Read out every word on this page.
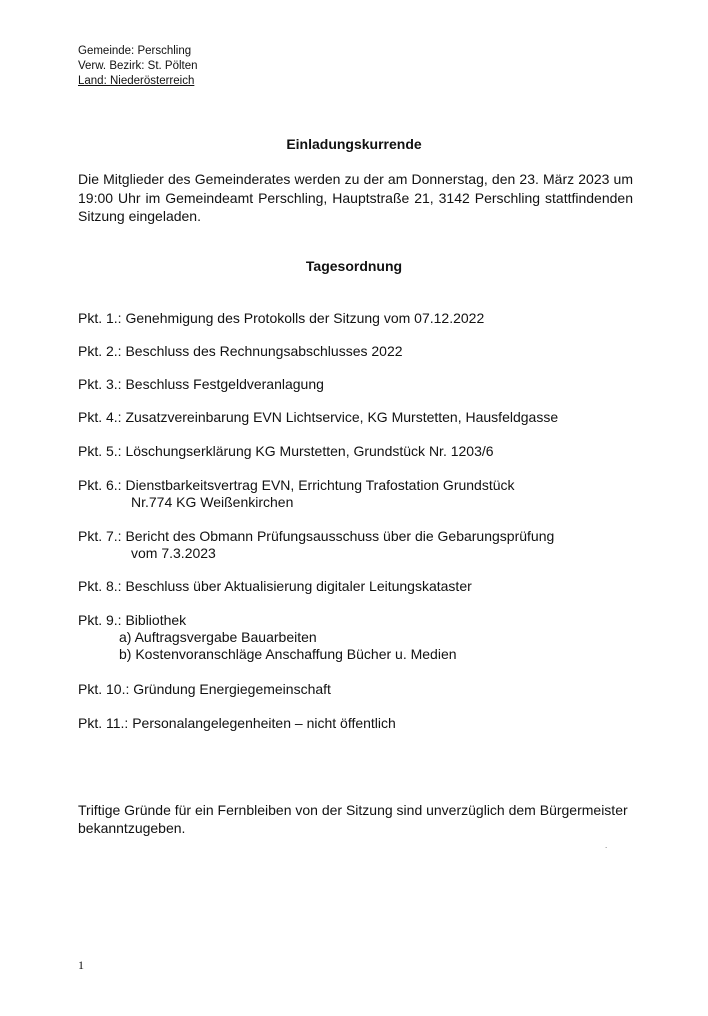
Gemeinde: Perschling
Verw. Bezirk: St. Pölten
Land: Niederösterreich
Einladungskurrende
Die Mitglieder des Gemeinderates werden zu der am Donnerstag, den 23. März 2023 um 19:00 Uhr im Gemeindeamt Perschling, Hauptstraße 21, 3142 Perschling stattfindenden Sitzung eingeladen.
Tagesordnung
Pkt. 1.: Genehmigung des Protokolls der Sitzung vom 07.12.2022
Pkt. 2.: Beschluss des Rechnungsabschlusses 2022
Pkt. 3.: Beschluss Festgeldveranlagung
Pkt. 4.: Zusatzvereinbarung EVN Lichtservice, KG Murstetten, Hausfeldgasse
Pkt. 5.: Löschungserklärung KG Murstetten, Grundstück Nr. 1203/6
Pkt. 6.: Dienstbarkeitsvertrag EVN, Errichtung Trafostation Grundstück
Nr.774 KG Weißenkirchen
Pkt. 7.: Bericht des Obmann Prüfungsausschuss über die Gebarungsprüfung
vom 7.3.2023
Pkt. 8.: Beschluss über Aktualisierung digitaler Leitungskataster
Pkt. 9.: Bibliothek
a) Auftragsvergabe Bauarbeiten
b) Kostenvoranschläge Anschaffung Bücher u. Medien
Pkt. 10.: Gründung Energiegemeinschaft
Pkt. 11.: Personalangelegenheiten – nicht öffentlich
Triftige Gründe für ein Fernbleiben von der Sitzung sind unverzüglich dem Bürgermeister bekanntzugeben.
.
1
